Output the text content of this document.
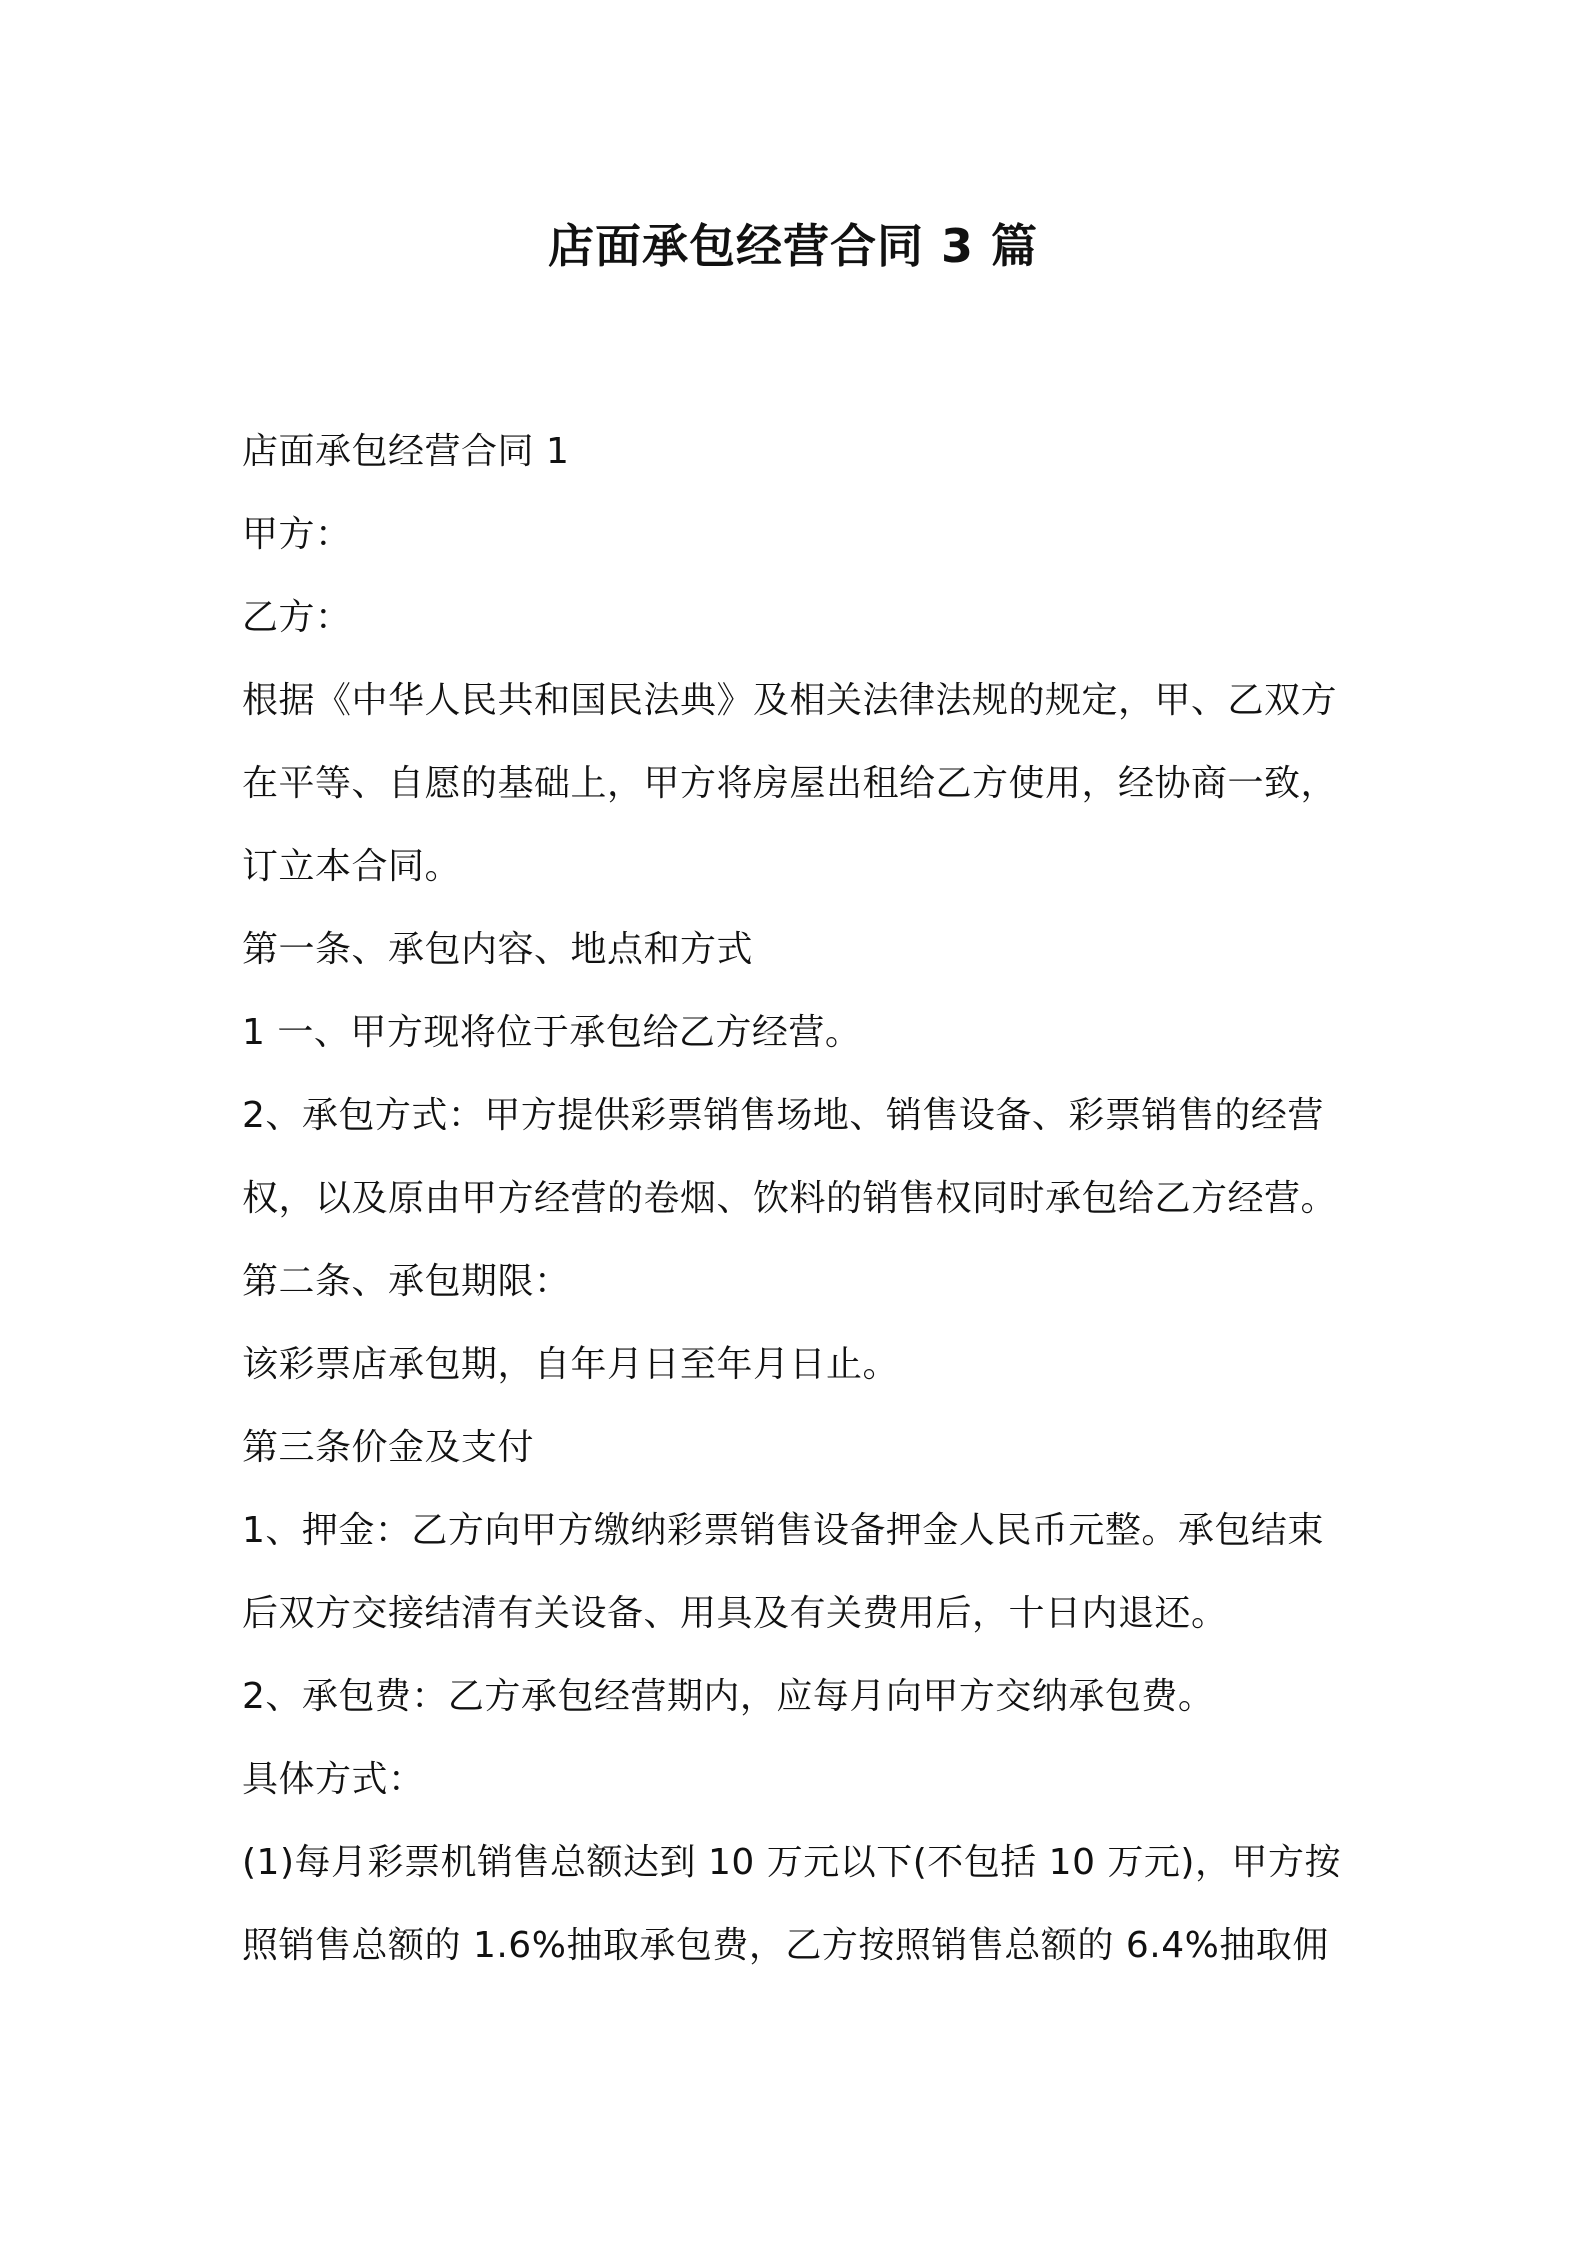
店面承包经营合同 3 篇
店面承包经营合同 1
甲方：
乙方：
根据《中华人民共和国民法典》及相关法律法规的规定，甲、乙双方
在平等、自愿的基础上，甲方将房屋出租给乙方使用，经协商一致，
订立本合同。
第一条、承包内容、地点和方式
1 一、甲方现将位于承包给乙方经营。
2、承包方式：甲方提供彩票销售场地、销售设备、彩票销售的经营
权，以及原由甲方经营的卷烟、饮料的销售权同时承包给乙方经营。
第二条、承包期限：
该彩票店承包期，自年月日至年月日止。
第三条价金及支付
1、押金：乙方向甲方缴纳彩票销售设备押金人民币元整。承包结束
后双方交接结清有关设备、用具及有关费用后，十日内退还。
2、承包费：乙方承包经营期内，应每月向甲方交纳承包费。
具体方式：
(1)每月彩票机销售总额达到 10 万元以下(不包括 10 万元)，甲方按
照销售总额的 1.6%抽取承包费，乙方按照销售总额的 6.4%抽取佣
